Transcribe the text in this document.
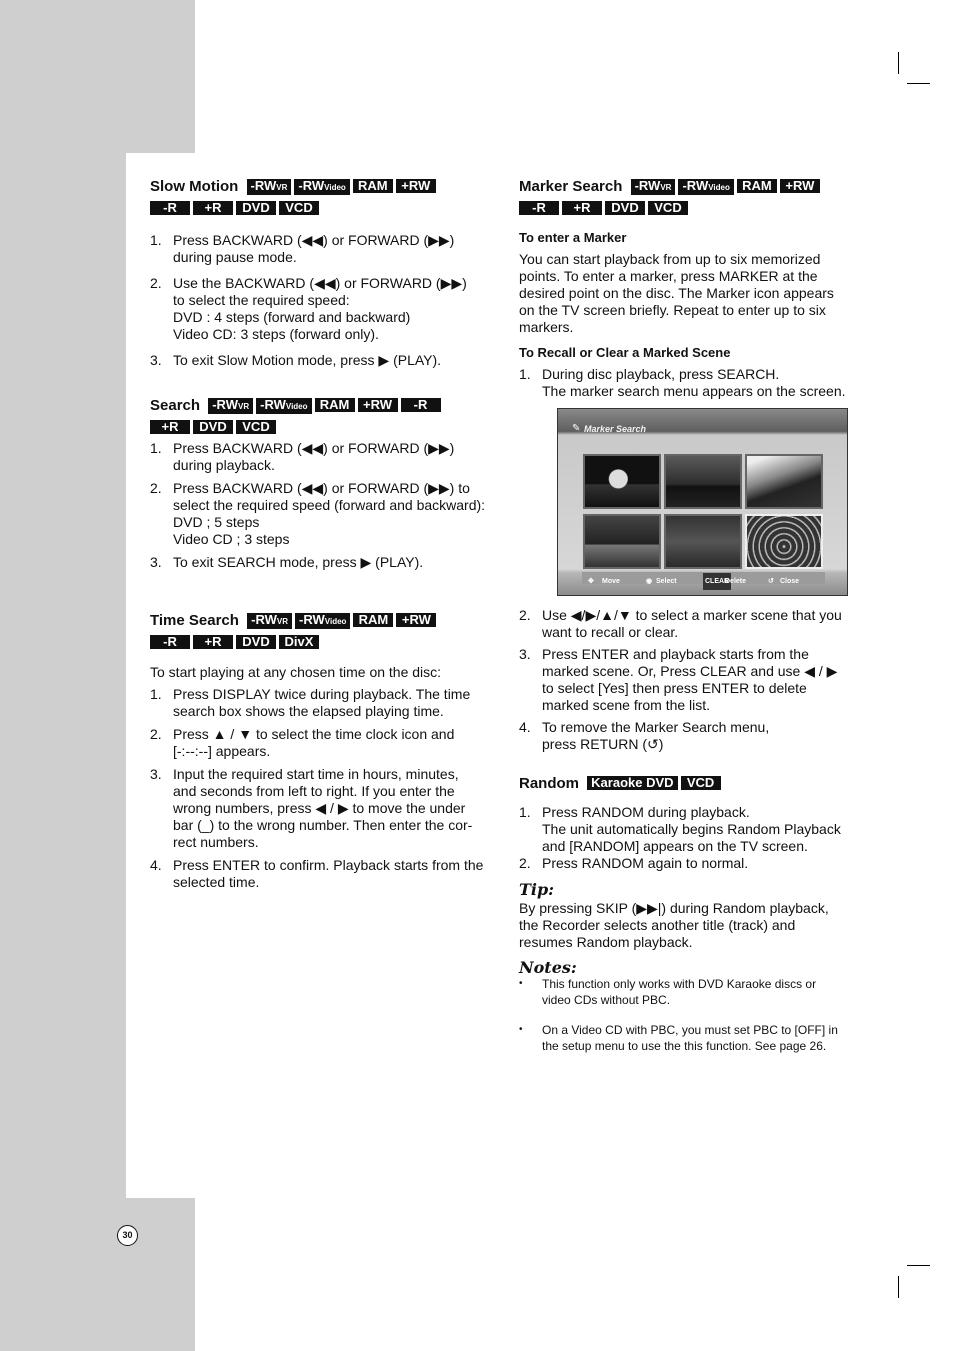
Slow Motion -RWVR -RWVideo RAM +RW
-R +R DVD VCD
1. Press BACKWARD (◀◀) or FORWARD (▶▶)
during pause mode.
2. Use the BACKWARD (◀◀) or FORWARD (▶▶)
to select the required speed:
DVD : 4 steps (forward and backward)
Video CD: 3 steps (forward only).
3. To exit Slow Motion mode, press ▶ (PLAY).
Search -RWVR -RWVideo RAM +RW -R
+R DVD VCD
1. Press BACKWARD (◀◀) or FORWARD (▶▶)
during playback.
2. Press BACKWARD (◀◀) or FORWARD (▶▶) to
select the required speed (forward and backward):
DVD ; 5 steps
Video CD ; 3 steps
3. To exit SEARCH mode, press ▶ (PLAY).
Time Search -RWVR -RWVideo RAM +RW
-R +R DVD DivX

To start playing at any chosen time on the disc:

1. Press DISPLAY twice during playback. The time
search box shows the elapsed playing time.
2. Press ▲ / ▼ to select the time clock icon and
[-:--:--] appears.
3. Input the required start time in hours, minutes,
and seconds from left to right. If you enter the
wrong numbers, press ◀ / ▶ to move the under
bar (_) to the wrong number. Then enter the cor-
rect numbers.
4. Press ENTER to confirm. Playback starts from the
selected time.
Marker Search -RWVR -RWVideo RAM +RW
-R +R DVD VCD

To enter a Marker

You can start playback from up to six memorized
points. To enter a marker, press MARKER at the
desired point on the disc. The Marker icon appears
on the TV screen briefly. Repeat to enter up to six
markers.

To Recall or Clear a Marked Scene

1. During disc playback, press SEARCH.
The marker search menu appears on the screen.
✎ Marker Search
✥ Move	◉ Select	CLEAR
Delete	↺ Close
2. Use ◀/▶/▲/▼ to select a marker scene that you
want to recall or clear.
3. Press ENTER and playback starts from the
marked scene. Or, Press CLEAR and use ◀ / ▶
to select [Yes] then press ENTER to delete
marked scene from the list.
4. To remove the Marker Search menu,
press RETURN (↺)
Random Karaoke DVD VCD
1. Press RANDOM during playback.
The unit automatically begins Random Playback
and [RANDOM] appears on the TV screen.
2. Press RANDOM again to normal.

Tip:

By pressing SKIP (▶▶|) during Random playback,
the Recorder selects another title (track) and
resumes Random playback.

Notes:

• This function only works with DVD Karaoke discs or
video CDs without PBC.
• On a Video CD with PBC, you must set PBC to [OFF] in
the setup menu to use the this function. See page 26.
30
